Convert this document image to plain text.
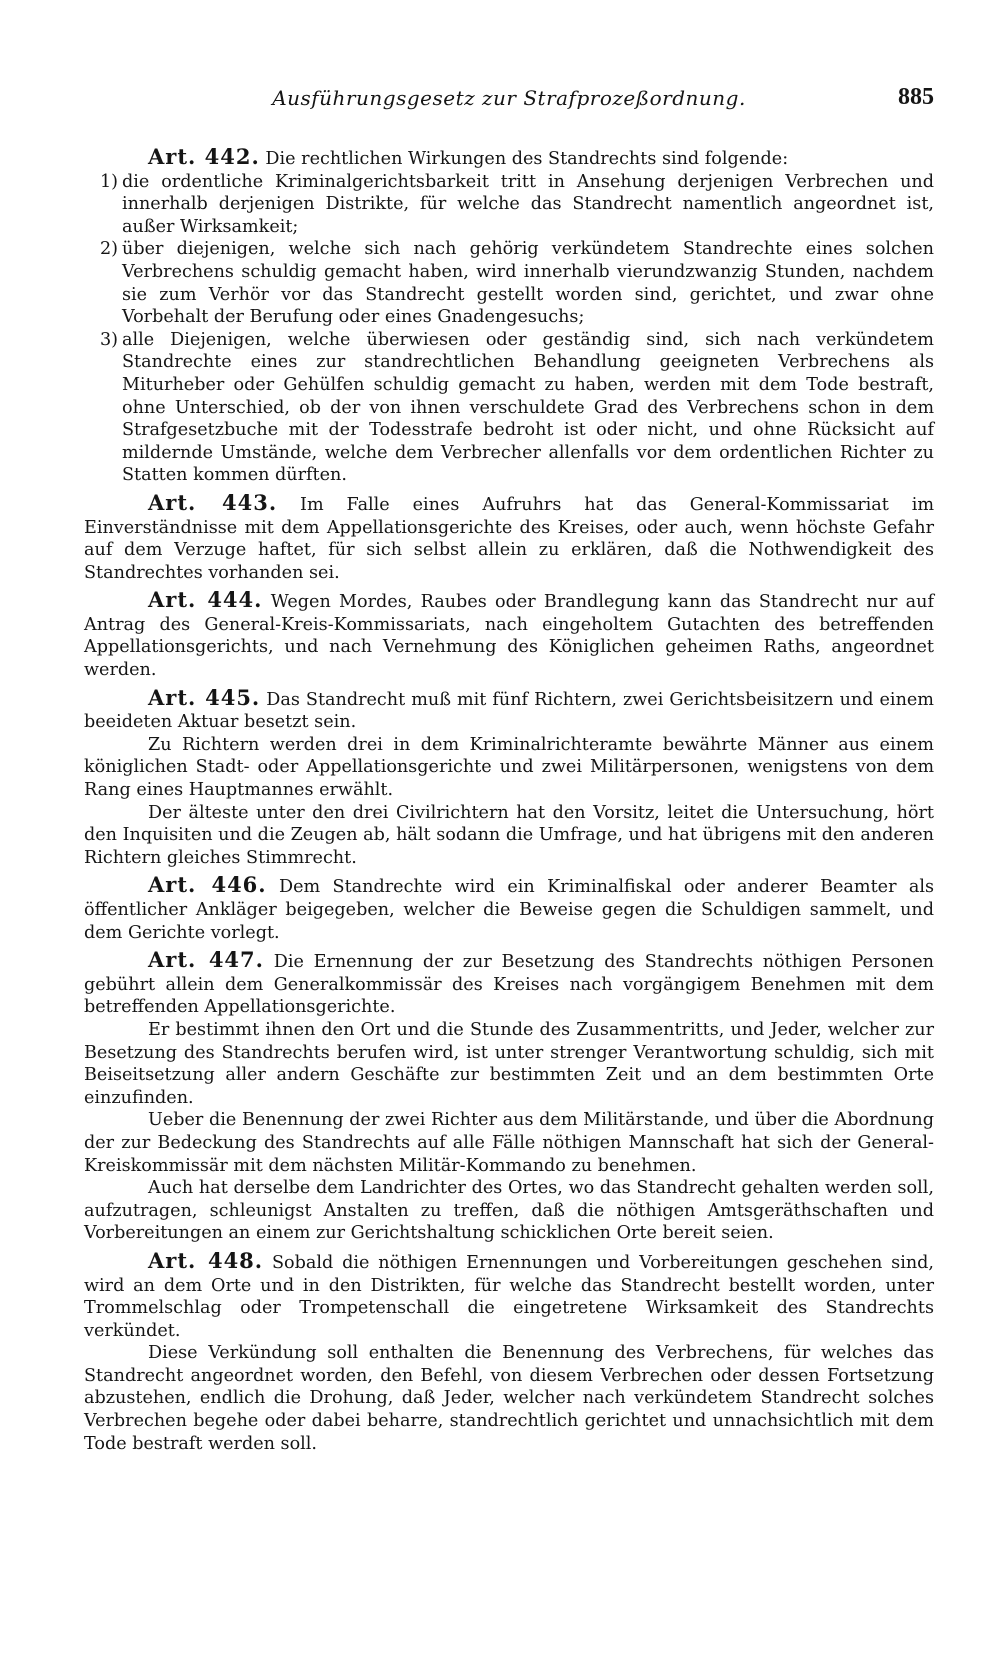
Ausführungsgesetz zur Strafprozeßordnung.	885

Art. 442. Die rechtlichen Wirkungen des Standrechts sind folgende:

1) die ordentliche Kriminalgerichtsbarkeit tritt in Ansehung derjenigen Verbrechen und innerhalb derjenigen Distrikte, für welche das Standrecht namentlich angeordnet ist, außer Wirksamkeit;
2) über diejenigen, welche sich nach gehörig verkündetem Standrechte eines solchen Verbrechens schuldig gemacht haben, wird innerhalb vierundzwanzig Stunden, nachdem sie zum Verhör vor das Standrecht gestellt worden sind, gerichtet, und zwar ohne Vorbehalt der Berufung oder eines Gnadengesuchs;
3) alle Diejenigen, welche überwiesen oder geständig sind, sich nach verkündetem Standrechte eines zur standrechtlichen Behandlung geeigneten Verbrechens als Miturheber oder Gehülfen schuldig gemacht zu haben, werden mit dem Tode bestraft, ohne Unterschied, ob der von ihnen verschuldete Grad des Verbrechens schon in dem Strafgesetzbuche mit der Todesstrafe bedroht ist oder nicht, und ohne Rücksicht auf mildernde Umstände, welche dem Verbrecher allenfalls vor dem ordentlichen Richter zu Statten kommen dürften.

Art. 443. Im Falle eines Aufruhrs hat das General-Kommissariat im Einverständnisse mit dem Appellationsgerichte des Kreises, oder auch, wenn höchste Gefahr auf dem Verzuge haftet, für sich selbst allein zu erklären, daß die Nothwendigkeit des Standrechtes vorhanden sei.

Art. 444. Wegen Mordes, Raubes oder Brandlegung kann das Standrecht nur auf Antrag des General-Kreis-Kommissariats, nach eingeholtem Gutachten des betreffenden Appellationsgerichts, und nach Vernehmung des Königlichen geheimen Raths, angeordnet werden.

Art. 445. Das Standrecht muß mit fünf Richtern, zwei Gerichtsbeisitzern und einem beeideten Aktuar besetzt sein.

Zu Richtern werden drei in dem Kriminalrichteramte bewährte Männer aus einem königlichen Stadt- oder Appellationsgerichte und zwei Militärpersonen, wenigstens von dem Rang eines Hauptmannes erwählt.

Der älteste unter den drei Civilrichtern hat den Vorsitz, leitet die Untersuchung, hört den Inquisiten und die Zeugen ab, hält sodann die Umfrage, und hat übrigens mit den anderen Richtern gleiches Stimmrecht.

Art. 446. Dem Standrechte wird ein Kriminalfiskal oder anderer Beamter als öffentlicher Ankläger beigegeben, welcher die Beweise gegen die Schuldigen sammelt, und dem Gerichte vorlegt.

Art. 447. Die Ernennung der zur Besetzung des Standrechts nöthigen Personen gebührt allein dem Generalkommissär des Kreises nach vorgängigem Benehmen mit dem betreffenden Appellationsgerichte.

Er bestimmt ihnen den Ort und die Stunde des Zusammentritts, und Jeder, welcher zur Besetzung des Standrechts berufen wird, ist unter strenger Verantwortung schuldig, sich mit Beiseitsetzung aller andern Geschäfte zur bestimmten Zeit und an dem bestimmten Orte einzufinden.

Ueber die Benennung der zwei Richter aus dem Militärstande, und über die Abordnung der zur Bedeckung des Standrechts auf alle Fälle nöthigen Mannschaft hat sich der General-Kreiskommissär mit dem nächsten Militär-Kommando zu benehmen.

Auch hat derselbe dem Landrichter des Ortes, wo das Standrecht gehalten werden soll, aufzutragen, schleunigst Anstalten zu treffen, daß die nöthigen Amtsgeräthschaften und Vorbereitungen an einem zur Gerichtshaltung schicklichen Orte bereit seien.

Art. 448. Sobald die nöthigen Ernennungen und Vorbereitungen geschehen sind, wird an dem Orte und in den Distrikten, für welche das Standrecht bestellt worden, unter Trommelschlag oder Trompetenschall die eingetretene Wirksamkeit des Standrechts verkündet.

Diese Verkündung soll enthalten die Benennung des Verbrechens, für welches das Standrecht angeordnet worden, den Befehl, von diesem Verbrechen oder dessen Fortsetzung abzustehen, endlich die Drohung, daß Jeder, welcher nach verkündetem Standrecht solches Verbrechen begehe oder dabei beharre, standrechtlich gerichtet und unnachsichtlich mit dem Tode bestraft werden soll.
